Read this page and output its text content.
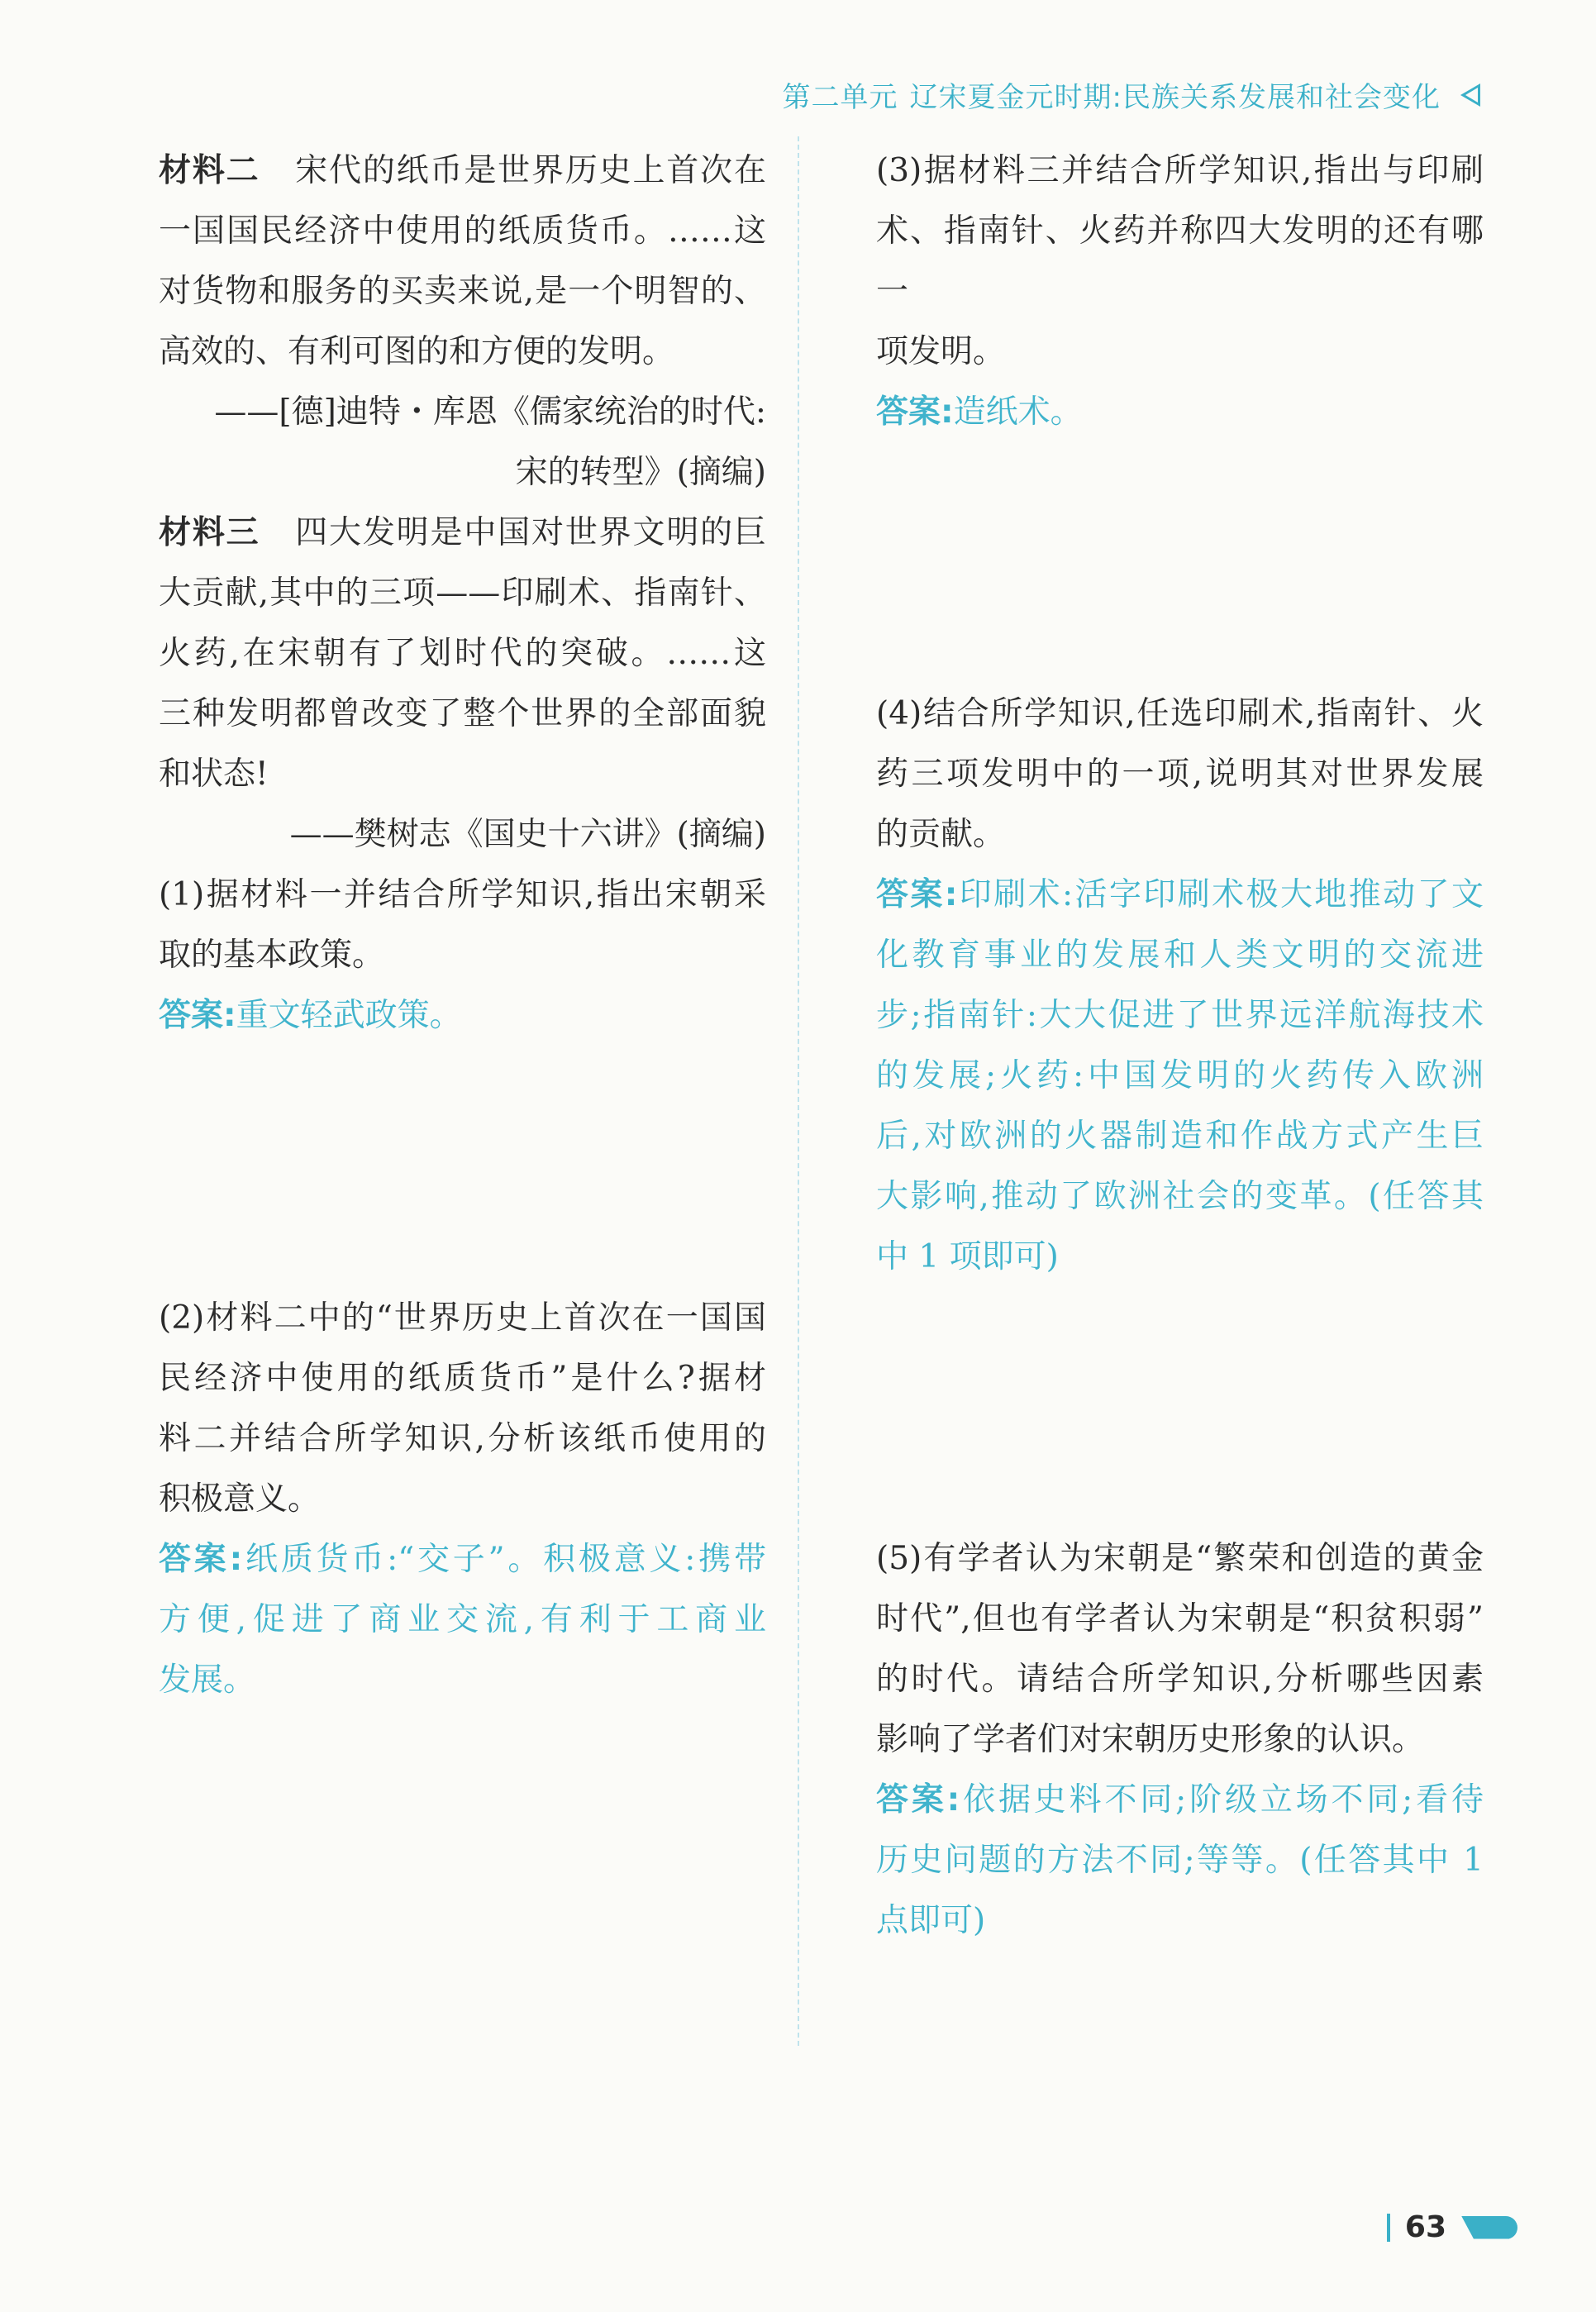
第二单元 辽宋夏金元时期:民族关系发展和社会变化

材料二 宋代的纸币是世界历史上首次在

一国国民经济中使用的纸质货币。……这

对货物和服务的买卖来说,是一个明智的、

高效的、有利可图的和方便的发明。

——[德]迪特・库恩《儒家统治的时代:

宋的转型》(摘编)

材料三 四大发明是中国对世界文明的巨

大贡献,其中的三项——印刷术、指南针、

火药,在宋朝有了划时代的突破。……这

三种发明都曾改变了整个世界的全部面貌

和状态!

——樊树志《国史十六讲》(摘编)

(1)据材料一并结合所学知识,指出宋朝采

取的基本政策。

答案:重文轻武政策。

(2)材料二中的“世界历史上首次在一国国

民经济中使用的纸质货币”是什么?据材

料二并结合所学知识,分析该纸币使用的

积极意义。

答案:纸质货币:“交子”。积极意义:携带

方便,促进了商业交流,有利于工商业

发展。

(3)据材料三并结合所学知识,指出与印刷

术、指南针、火药并称四大发明的还有哪一

项发明。

答案:造纸术。

(4)结合所学知识,任选印刷术,指南针、火

药三项发明中的一项,说明其对世界发展

的贡献。

答案:印刷术:活字印刷术极大地推动了文

化教育事业的发展和人类文明的交流进

步;指南针:大大促进了世界远洋航海技术

的发展;火药:中国发明的火药传入欧洲

后,对欧洲的火器制造和作战方式产生巨

大影响,推动了欧洲社会的变革。(任答其

中 1 项即可)

(5)有学者认为宋朝是“繁荣和创造的黄金

时代”,但也有学者认为宋朝是“积贫积弱”

的时代。请结合所学知识,分析哪些因素

影响了学者们对宋朝历史形象的认识。

答案:依据史料不同;阶级立场不同;看待

历史问题的方法不同;等等。(任答其中 1

点即可)

63
